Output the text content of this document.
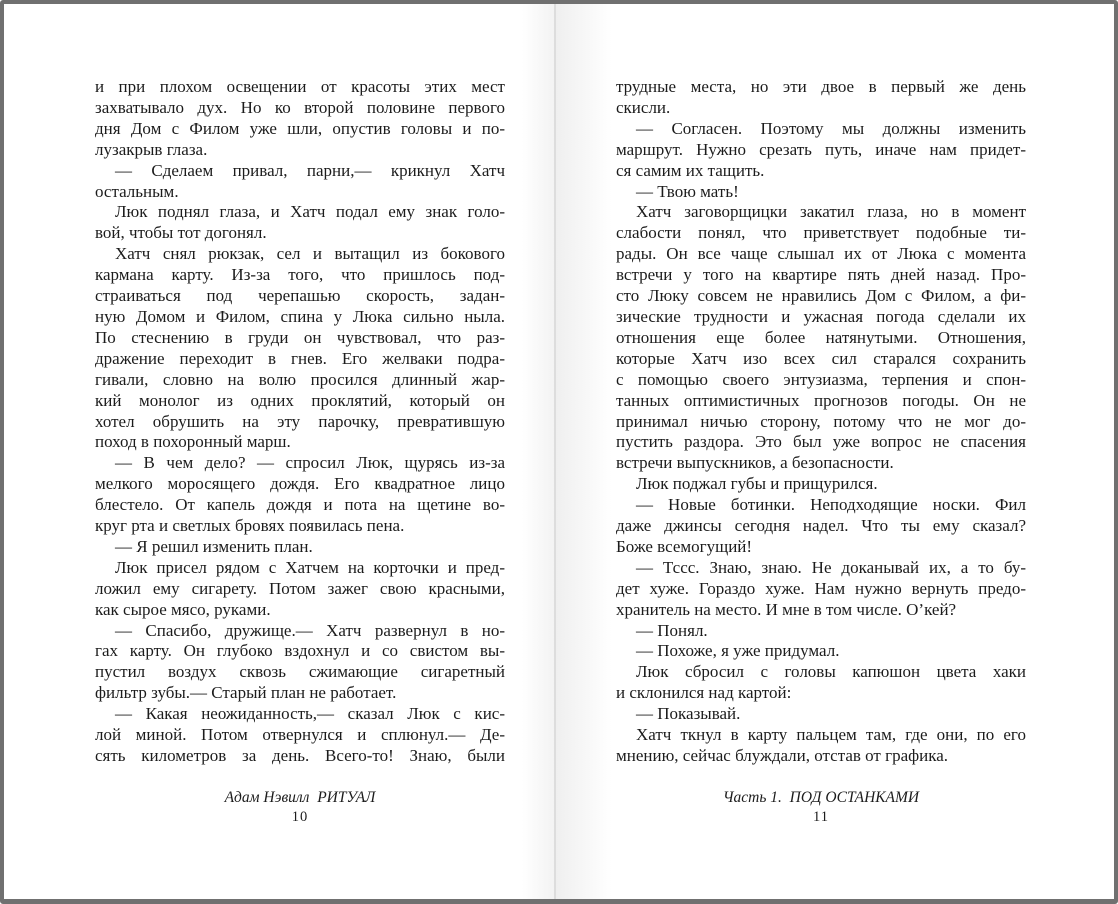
и при плохом освещении от красоты этих мест
захватывало дух. Но ко второй половине первого
дня Дом с Филом уже шли, опустив головы и по-
лузакрыв глаза.
— Сделаем привал, парни,— крикнул Хатч
остальным.
Люк поднял глаза, и Хатч подал ему знак голо-
вой, чтобы тот догонял.
Хатч снял рюкзак, сел и вытащил из бокового
кармана карту. Из-за того, что пришлось под-
страиваться под черепашью скорость, задан-
ную Домом и Филом, спина у Люка сильно ныла.
По стеснению в груди он чувствовал, что раз-
дражение переходит в гнев. Его желваки подра-
гивали, словно на волю просился длинный жар-
кий монолог из одних проклятий, который он
хотел обрушить на эту парочку, превратившую
поход в похоронный марш.
— В чем дело? — спросил Люк, щурясь из-за
мелкого моросящего дождя. Его квадратное лицо
блестело. От капель дождя и пота на щетине во-
круг рта и светлых бровях появилась пена.
— Я решил изменить план.
Люк присел рядом с Хатчем на корточки и пред-
ложил ему сигарету. Потом зажег свою красными,
как сырое мясо, руками.
— Спасибо, дружище.— Хатч развернул в но-
гах карту. Он глубоко вздохнул и со свистом вы-
пустил воздух сквозь сжимающие сигаретный
фильтр зубы.— Старый план не работает.
— Какая неожиданность,— сказал Люк с кис-
лой миной. Потом отвернулся и сплюнул.— Де-
сять километров за день. Всего-то! Знаю, были
Адам Нэвилл РИТУАЛ
10
трудные места, но эти двое в первый же день
скисли.
— Согласен. Поэтому мы должны изменить
маршрут. Нужно срезать путь, иначе нам придет-
ся самим их тащить.
— Твою мать!
Хатч заговорщицки закатил глаза, но в момент
слабости понял, что приветствует подобные ти-
рады. Он все чаще слышал их от Люка с момента
встречи у того на квартире пять дней назад. Про-
сто Люку совсем не нравились Дом с Филом, а фи-
зические трудности и ужасная погода сделали их
отношения еще более натянутыми. Отношения,
которые Хатч изо всех сил старался сохранить
с помощью своего энтузиазма, терпения и спон-
танных оптимистичных прогнозов погоды. Он не
принимал ничью сторону, потому что не мог до-
пустить раздора. Это был уже вопрос не спасения
встречи выпускников, а безопасности.
Люк поджал губы и прищурился.
— Новые ботинки. Неподходящие носки. Фил
даже джинсы сегодня надел. Что ты ему сказал?
Боже всемогущий!
— Тссс. Знаю, знаю. Не доканывай их, а то бу-
дет хуже. Гораздо хуже. Нам нужно вернуть предо-
хранитель на место. И мне в том числе. О’кей?
— Понял.
— Похоже, я уже придумал.
Люк сбросил с головы капюшон цвета хаки
и склонился над картой:
— Показывай.
Хатч ткнул в карту пальцем там, где они, по его
мнению, сейчас блуждали, отстав от графика.
Часть 1. ПОД ОСТАНКАМИ
11
